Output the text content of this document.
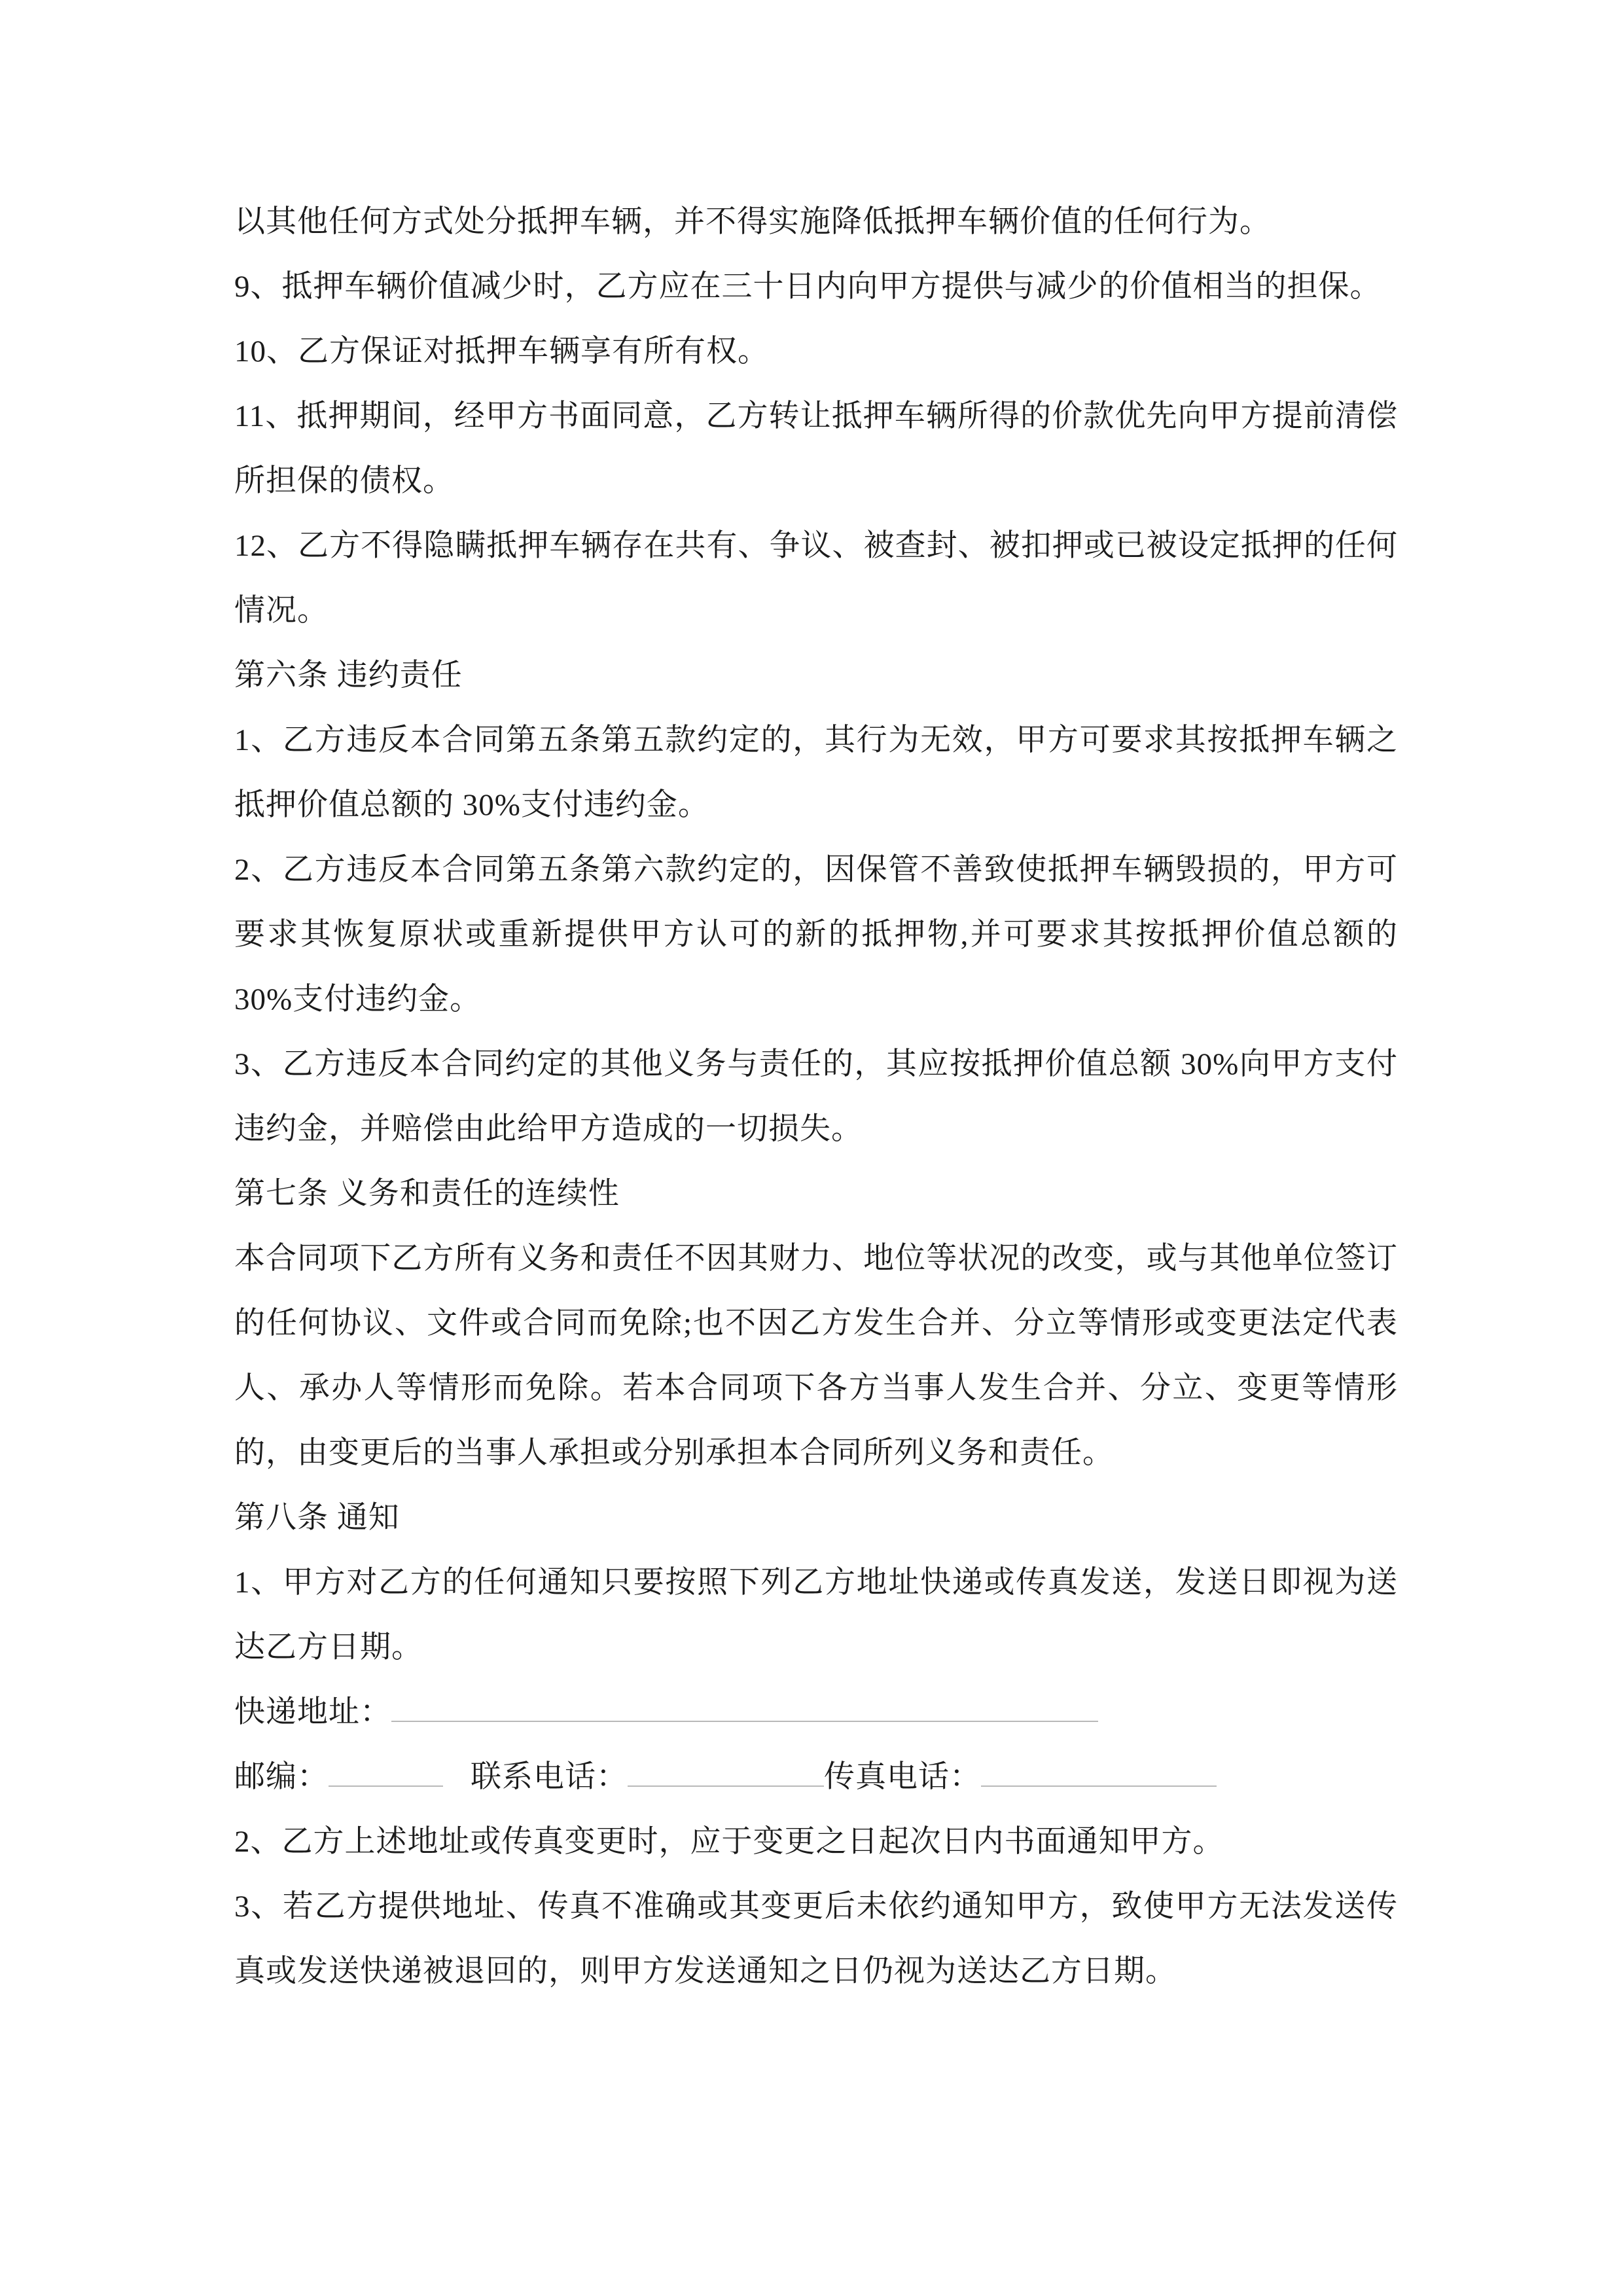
以其他任何方式处分抵押车辆，并不得实施降低抵押车辆价值的任何行为。

9、抵押车辆价值减少时，乙方应在三十日内向甲方提供与减少的价值相当的担保。

10、乙方保证对抵押车辆享有所有权。

11、抵押期间，经甲方书面同意，乙方转让抵押车辆所得的价款优先向甲方提前清偿所担保的债权。

12、乙方不得隐瞒抵押车辆存在共有、争议、被查封、被扣押或已被设定抵押的任何情况。

第六条 违约责任

1、乙方违反本合同第五条第五款约定的，其行为无效，甲方可要求其按抵押车辆之抵押价值总额的 30%支付违约金。

2、乙方违反本合同第五条第六款约定的，因保管不善致使抵押车辆毁损的，甲方可要求其恢复原状或重新提供甲方认可的新的抵押物,并可要求其按抵押价值总额的 30%支付违约金。

3、乙方违反本合同约定的其他义务与责任的，其应按抵押价值总额 30%向甲方支付违约金，并赔偿由此给甲方造成的一切损失。

第七条 义务和责任的连续性

本合同项下乙方所有义务和责任不因其财力、地位等状况的改变，或与其他单位签订的任何协议、文件或合同而免除;也不因乙方发生合并、分立等情形或变更法定代表人、承办人等情形而免除。若本合同项下各方当事人发生合并、分立、变更等情形的，由变更后的当事人承担或分别承担本合同所列义务和责任。

第八条 通知

1、甲方对乙方的任何通知只要按照下列乙方地址快递或传真发送，发送日即视为送达乙方日期。

快递地址：

邮编：	联系电话：	传真电话：

2、乙方上述地址或传真变更时，应于变更之日起次日内书面通知甲方。

3、若乙方提供地址、传真不准确或其变更后未依约通知甲方，致使甲方无法发送传真或发送快递被退回的，则甲方发送通知之日仍视为送达乙方日期。
